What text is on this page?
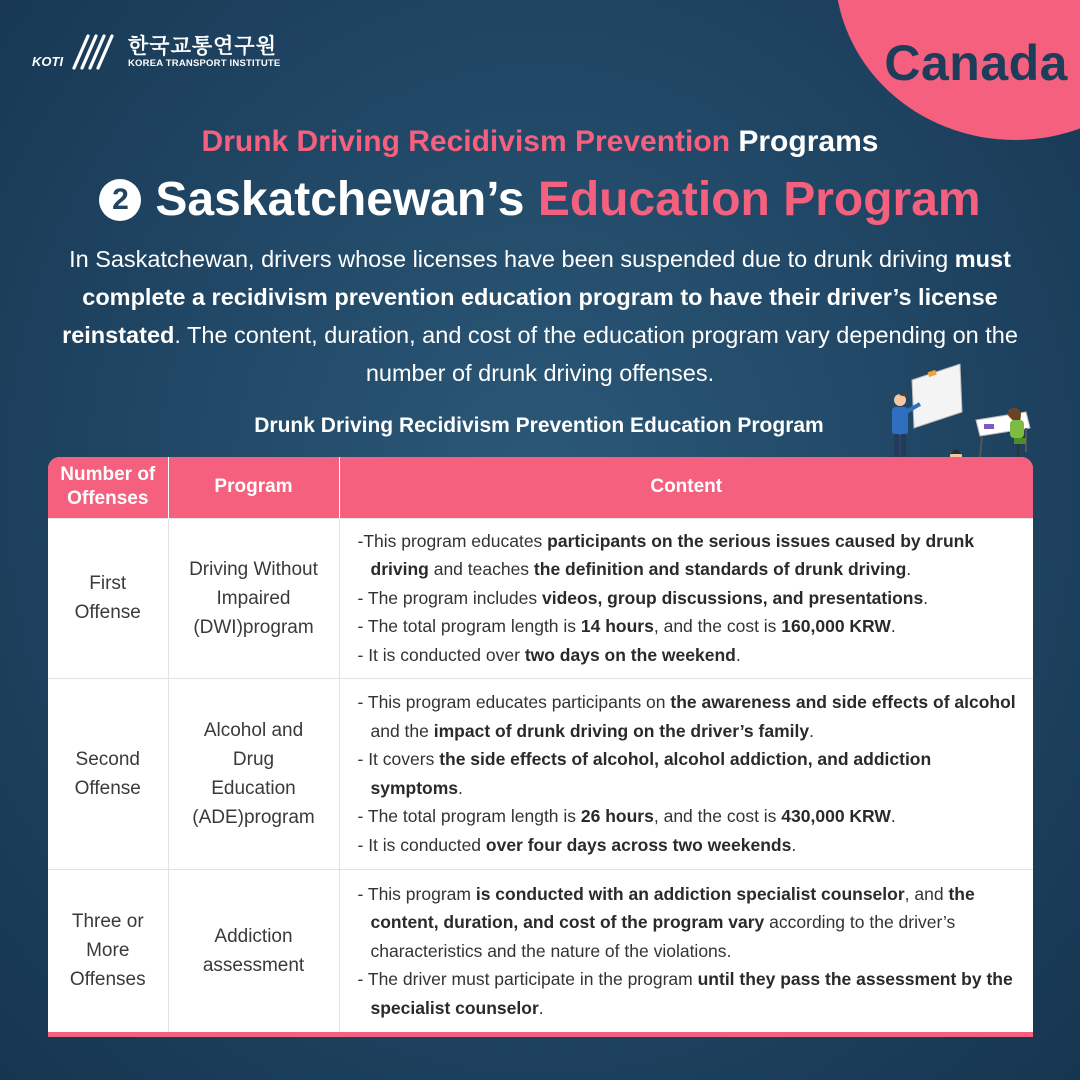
KOTI
한국교통연구원
KOREA TRANSPORT INSTITUTE	Canada
Drunk Driving Recidivism Prevention Programs
2 Saskatchewan’s Education Program
In Saskatchewan, drivers whose licenses have been suspended due to drunk driving must complete a recidivism prevention education program to have their driver’s license reinstated. The content, duration, and cost of the education program vary depending on the number of drunk driving offenses.
Drunk Driving Recidivism Prevention Education Program
Number of Offenses	Program	Content

First Offense	Driving Without Impaired (DWI)program	-This program educates participants on the serious issues caused by drunk driving and teaches the definition and standards of drunk driving.
- The program includes videos, group discussions, and presentations.
- The total program length is 14 hours, and the cost is 160,000 KRW.
- It is conducted over two days on the weekend.

Second Offense	Alcohol and Drug Education (ADE)program	- This program educates participants on the awareness and side effects of alcohol and the impact of drunk driving on the driver’s family.
- It covers the side effects of alcohol, alcohol addiction, and addiction symptoms.
- The total program length is 26 hours, and the cost is 430,000 KRW.
- It is conducted over four days across two weekends.

Three or More Offenses	Addiction assessment	- This program is conducted with an addiction specialist counselor, and the content, duration, and cost of the program vary according to the driver’s characteristics and the nature of the violations.
- The driver must participate in the program until they pass the assessment by the specialist counselor.
